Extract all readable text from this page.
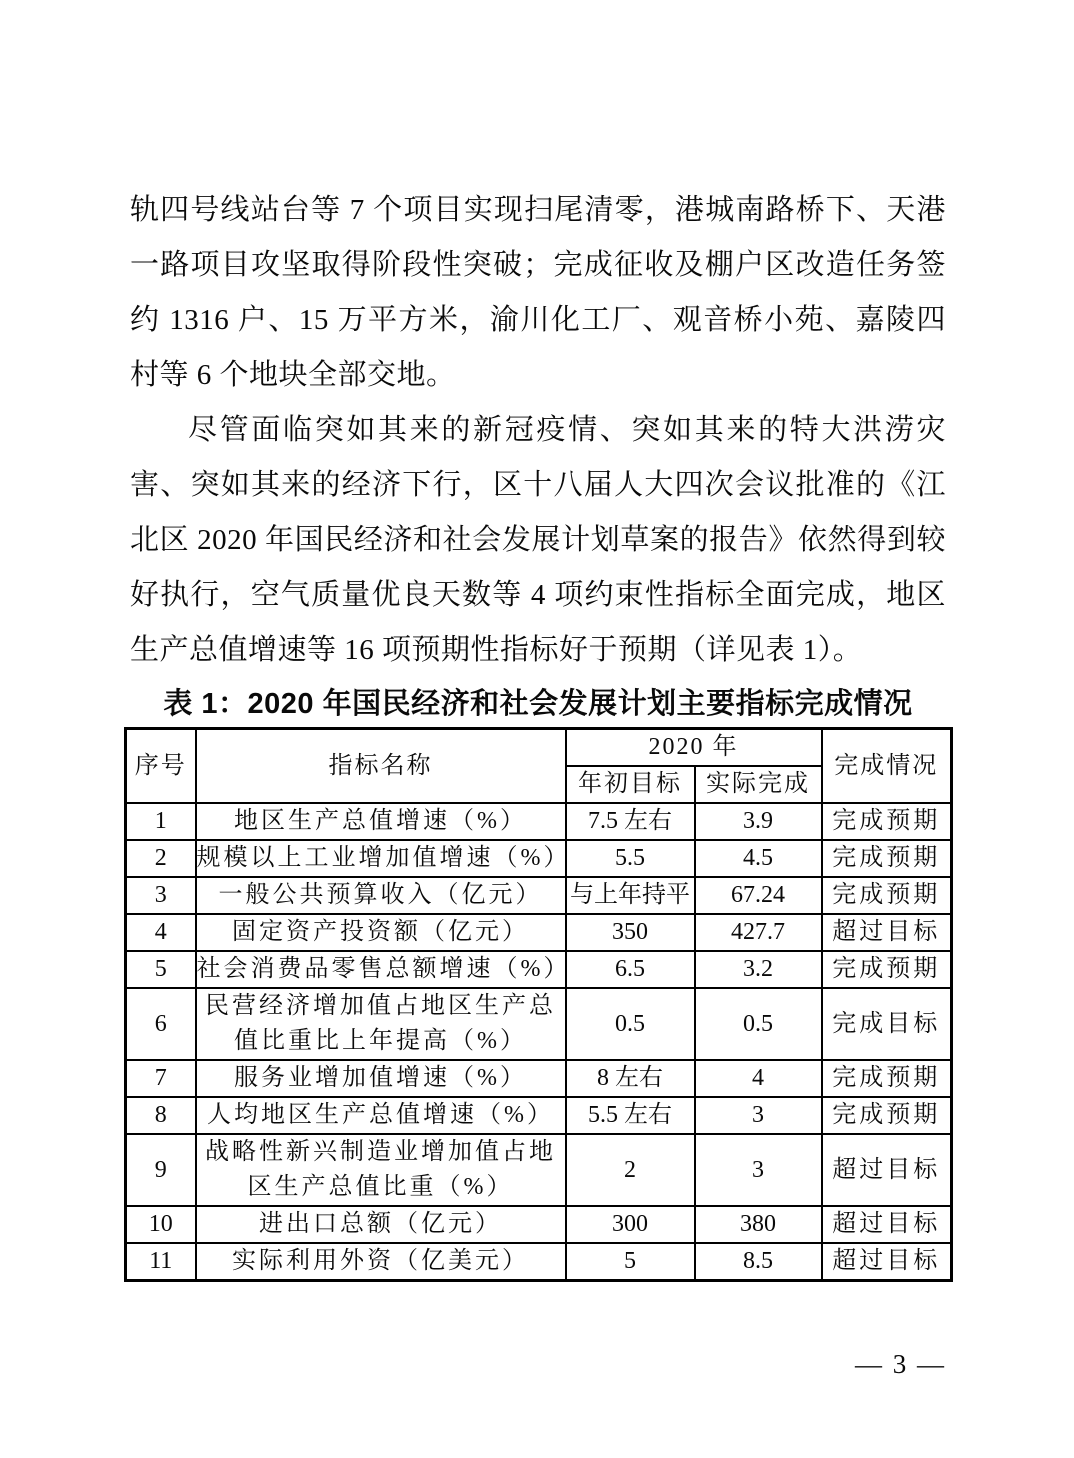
轨四号线站台等 7 个项目实现扫尾清零，港城南路桥下、天港一路项目攻坚取得阶段性突破；完成征收及棚户区改造任务签约 1316 户、15 万平方米，渝川化工厂、观音桥小苑、嘉陵四村等 6 个地块全部交地。

尽管面临突如其来的新冠疫情、突如其来的特大洪涝灾害、突如其来的经济下行，区十八届人大四次会议批准的《江北区 2020 年国民经济和社会发展计划草案的报告》依然得到较好执行，空气质量优良天数等 4 项约束性指标全面完成，地区生产总值增速等 16 项预期性指标好于预期（详见表 1）。

表 1：2020 年国民经济和社会发展计划主要指标完成情况
序号	指标名称	2020 年		完成情况
		年初目标	实际完成	
1	地区生产总值增速（%）	7.5 左右	3.9	完成预期
2	规模以上工业增加值增速（%）	5.5	4.5	完成预期
3	一般公共预算收入（亿元）	与上年持平	67.24	完成预期
4	固定资产投资额（亿元）	350	427.7	超过目标
5	社会消费品零售总额增速（%）	6.5	3.2	完成预期
6	民营经济增加值占地区生产总值比重比上年提高（%）	0.5	0.5	完成目标
7	服务业增加值增速（%）	8 左右	4	完成预期
8	人均地区生产总值增速（%）	5.5 左右	3	完成预期
9	战略性新兴制造业增加值占地区生产总值比重（%）	2	3	超过目标
10	进出口总额（亿元）	300	380	超过目标
11	实际利用外资（亿美元）	5	8.5	超过目标
— 3 —
